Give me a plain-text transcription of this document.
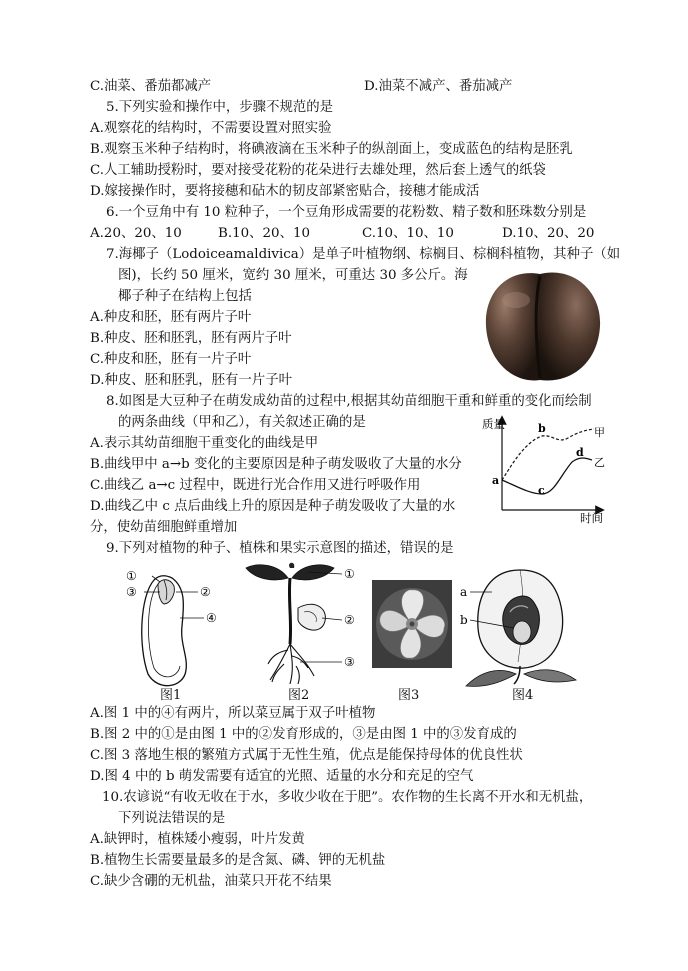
C.油菜、番茄都减产	D.油菜不减产、番茄减产
5.下列实验和操作中，步骤不规范的是
A.观察花的结构时，不需要设置对照实验
B.观察玉米种子结构时，将碘液滴在玉米种子的纵剖面上，变成蓝色的结构是胚乳
C.人工辅助授粉时，要对接受花粉的花朵进行去雄处理，然后套上透气的纸袋
D.嫁接操作时，要将接穗和砧木的韧皮部紧密贴合，接穗才能成活
6.一个豆角中有 10 粒种子，一个豆角形成需要的花粉数、精子数和胚珠数分别是
A.20、20、10	B.10、20、10	C.10、10、10	D.10、20、20
7.海椰子（Lodoiceamaldivica）是单子叶植物纲、棕榈目、棕榈科植物，其种子（如
图)，长约 50 厘米，宽约 30 厘米，可重达 30 多公斤。海
椰子种子在结构上包括
A.种皮和胚，胚有两片子叶
B.种皮、胚和胚乳，胚有两片子叶
C.种皮和胚，胚有一片子叶
D.种皮、胚和胚乳，胚有一片子叶
8.如图是大豆种子在萌发成幼苗的过程中,根据其幼苗细胞干重和鲜重的变化而绘制
的两条曲线（甲和乙），有关叙述正确的是
A.表示其幼苗细胞干重变化的曲线是甲
B.曲线甲中 a→b 变化的主要原因是种子萌发吸收了大量的水分
C.曲线乙 a→c 过程中，既进行光合作用又进行呼吸作用
D.曲线乙中 c 点后曲线上升的原因是种子萌发吸收了大量的水
分，使幼苗细胞鲜重增加
质量
时间
甲
乙
a
b
c
d
9.下列对植物的种子、植株和果实示意图的描述，错误的是
①
③	②
④
①
②
③
a
b
图1	图2	图3	图4
A.图 1 中的④有两片，所以菜豆属于双子叶植物
B.图 2 中的①是由图 1 中的②发育形成的，③是由图 1 中的③发育成的
C.图 3 落地生根的繁殖方式属于无性生殖，优点是能保持母体的优良性状
D.图 4 中的 b 萌发需要有适宜的光照、适量的水分和充足的空气
10.农谚说“有收无收在于水，多收少收在于肥”。农作物的生长离不开水和无机盐，
下列说法错误的是
A.缺钾时，植株矮小瘦弱，叶片发黄
B.植物生长需要量最多的是含氮、磷、钾的无机盐
C.缺少含硼的无机盐，油菜只开花不结果
